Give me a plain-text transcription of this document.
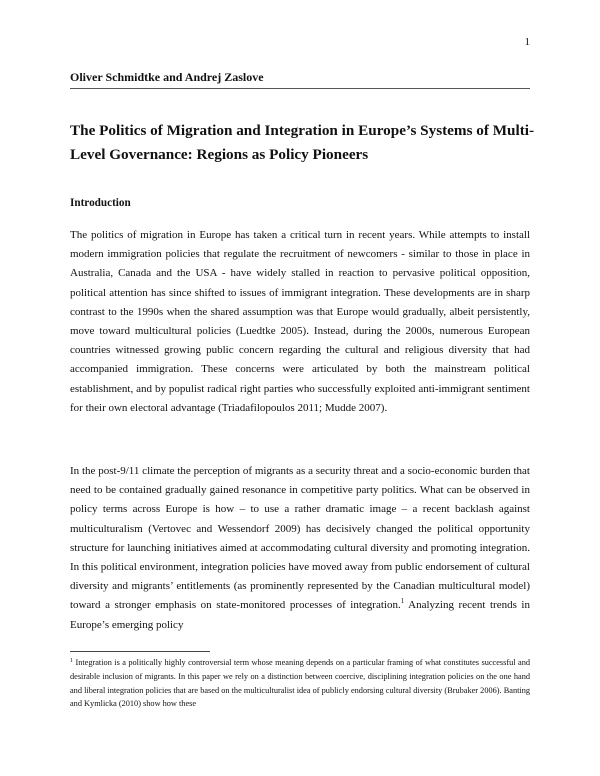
1
Oliver Schmidtke and Andrej Zaslove
The Politics of Migration and Integration in Europe’s Systems of Multi-Level Governance: Regions as Policy Pioneers
Introduction

The politics of migration in Europe has taken a critical turn in recent years. While attempts to install modern immigration policies that regulate the recruitment of newcomers - similar to those in place in Australia, Canada and the USA - have widely stalled in reaction to pervasive political opposition, political attention has since shifted to issues of immigrant integration. These developments are in sharp contrast to the 1990s when the shared assumption was that Europe would gradually, albeit persistently, move toward multicultural policies (Luedtke 2005). Instead, during the 2000s, numerous European countries witnessed growing public concern regarding the cultural and religious diversity that had accompanied immigration. These concerns were articulated by both the mainstream political establishment, and by populist radical right parties who successfully exploited anti-immigrant sentiment for their own electoral advantage (Triadafilopoulos 2011; Mudde 2007).

In the post-9/11 climate the perception of migrants as a security threat and a socio-economic burden that need to be contained gradually gained resonance in competitive party politics. What can be observed in policy terms across Europe is how – to use a rather dramatic image – a recent backlash against multiculturalism (Vertovec and Wessendorf 2009) has decisively changed the political opportunity structure for launching initiatives aimed at accommodating cultural diversity and promoting integration. In this political environment, integration policies have moved away from public endorsement of cultural diversity and migrants’ entitlements (as prominently represented by the Canadian multicultural model) toward a stronger emphasis on state-monitored processes of integration.$^1$ Analyzing recent trends in Europe’s emerging policy

$^1$ Integration is a politically highly controversial term whose meaning depends on a particular framing of what constitutes successful and desirable inclusion of migrants. In this paper we rely on a distinction between coercive, disciplining integration policies on the one hand and liberal integration policies that are based on the multiculturalist idea of publicly endorsing cultural diversity (Brubaker 2006). Banting and Kymlicka (2010) show how these
